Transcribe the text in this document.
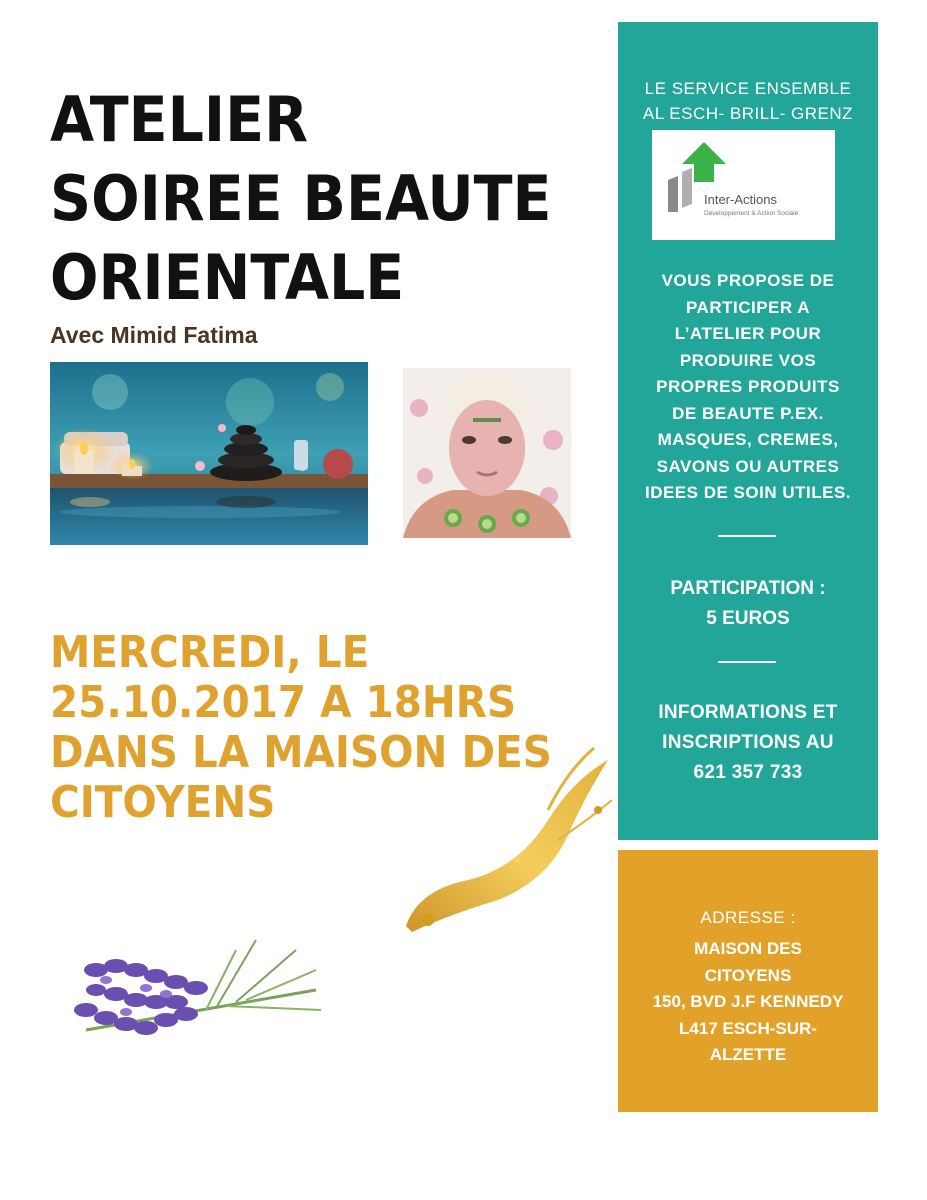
ATELIER
SOIREE BEAUTE
ORIENTALE
Avec Mimid Fatima
MERCREDI, LE
25.10.2017 A 18HRS
DANS LA MAISON DES
CITOYENS
LE SERVICE ENSEMBLE
AL ESCH- BRILL- GRENZ
Inter-Actions
Développement & Action Sociale
VOUS PROPOSE DE
PARTICIPER A
L’ATELIER POUR
PRODUIRE VOS
PROPRES PRODUITS
DE BEAUTE P.EX.
MASQUES, CREMES,
SAVONS OU AUTRES
IDEES DE SOIN UTILES.
PARTICIPATION :
5 EUROS
INFORMATIONS ET
INSCRIPTIONS AU
621 357 733
ADRESSE :
MAISON DES
CITOYENS
150, BVD J.F KENNEDY
L417 ESCH-SUR-
ALZETTE
